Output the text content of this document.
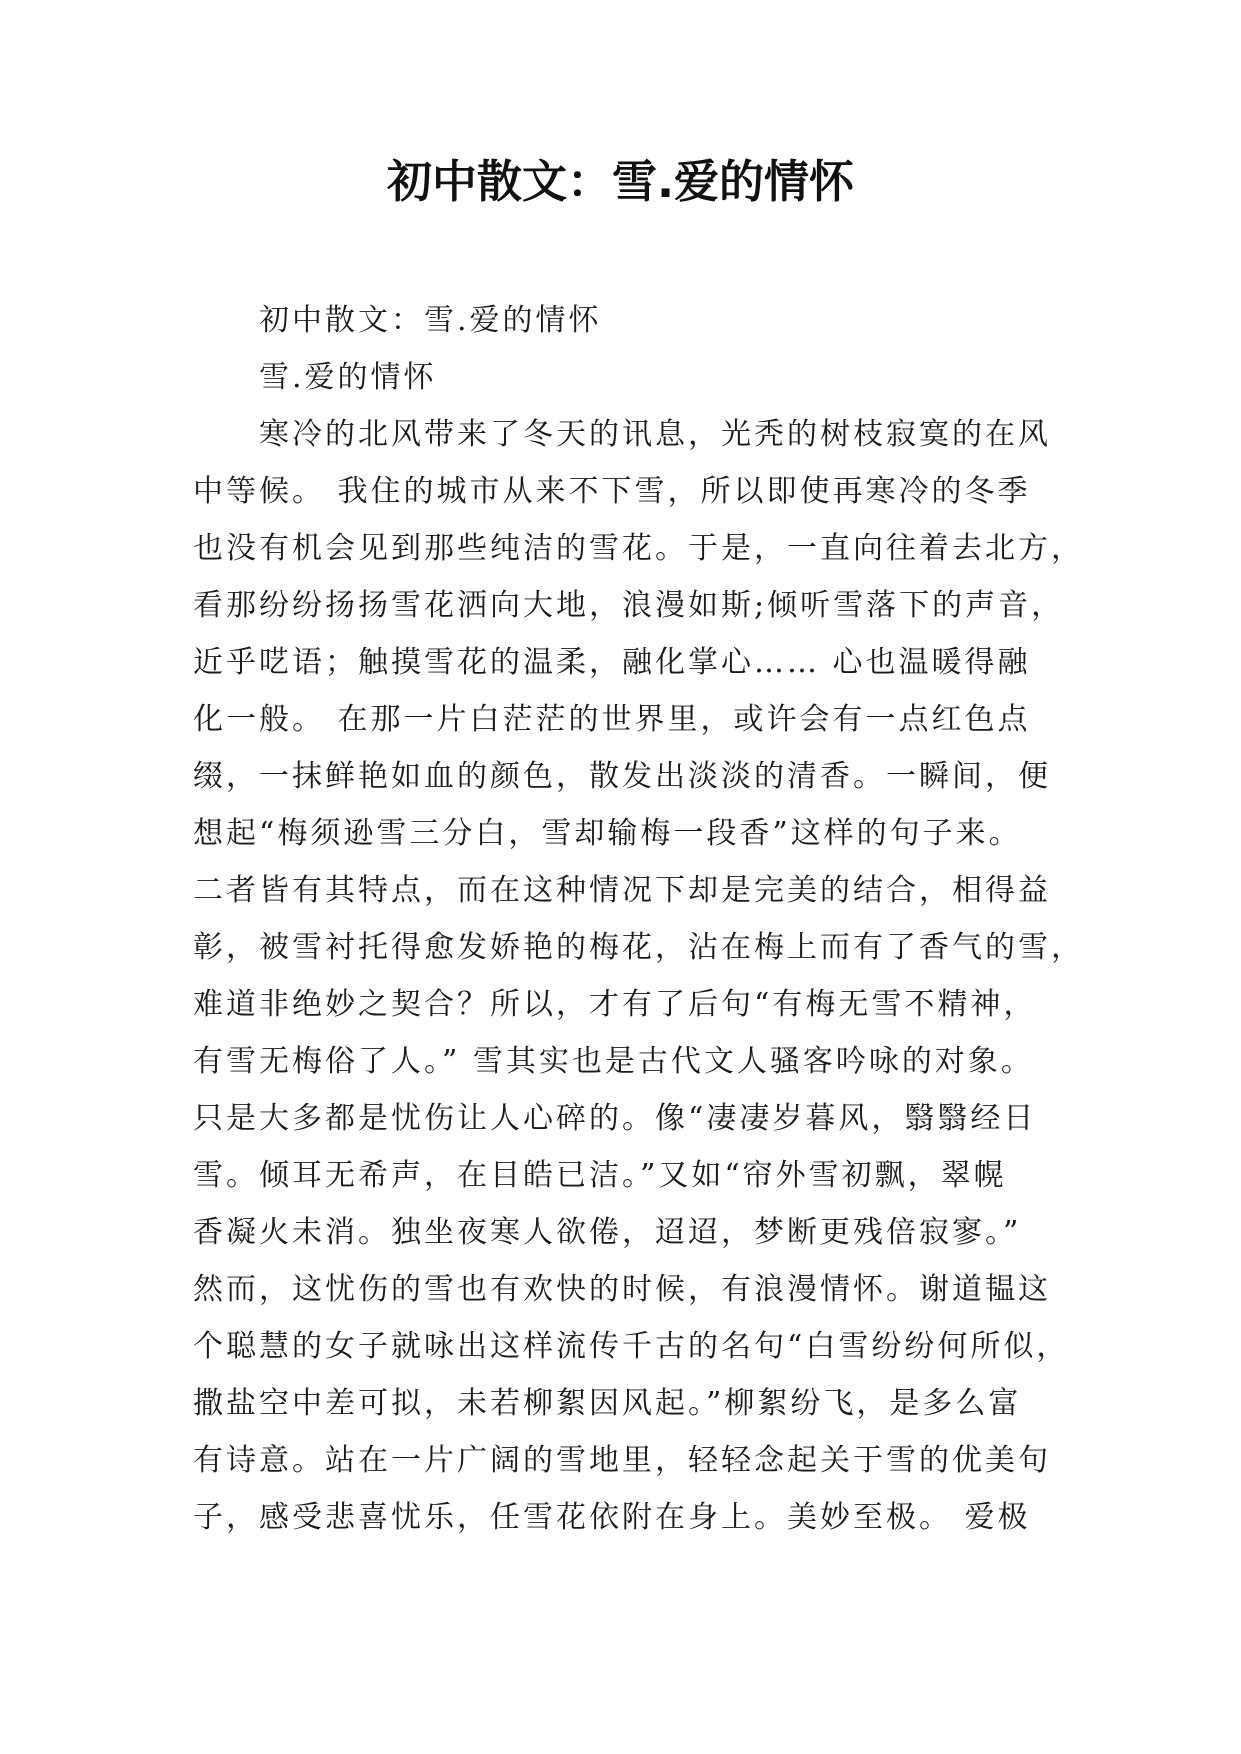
初中散文：雪.爱的情怀

初中散文：雪.爱的情怀

雪.爱的情怀

寒冷的北风带来了冬天的讯息，光秃的树枝寂寞的在风

中等候。 我住的城市从来不下雪，所以即使再寒冷的冬季

也没有机会见到那些纯洁的雪花。于是，一直向往着去北方，

看那纷纷扬扬雪花洒向大地，浪漫如斯;倾听雪落下的声音，

近乎呓语；触摸雪花的温柔，融化掌心…… 心也温暖得融

化一般。 在那一片白茫茫的世界里，或许会有一点红色点

缀，一抹鲜艳如血的颜色，散发出淡淡的清香。一瞬间，便

想起“梅须逊雪三分白，雪却输梅一段香”这样的句子来。

二者皆有其特点，而在这种情况下却是完美的结合，相得益

彰，被雪衬托得愈发娇艳的梅花，沾在梅上而有了香气的雪，

难道非绝妙之契合？所以，才有了后句“有梅无雪不精神，

有雪无梅俗了人。” 雪其实也是古代文人骚客吟咏的对象。

只是大多都是忧伤让人心碎的。像“凄凄岁暮风，翳翳经日

雪。倾耳无希声，在目皓已洁。”又如“帘外雪初飘，翠幌

香凝火未消。独坐夜寒人欲倦，迢迢，梦断更残倍寂寥。”

然而，这忧伤的雪也有欢快的时候，有浪漫情怀。谢道韫这

个聪慧的女子就咏出这样流传千古的名句“白雪纷纷何所似，

撒盐空中差可拟，未若柳絮因风起。”柳絮纷飞，是多么富

有诗意。站在一片广阔的雪地里，轻轻念起关于雪的优美句

子，感受悲喜忧乐，任雪花依附在身上。美妙至极。 爱极
